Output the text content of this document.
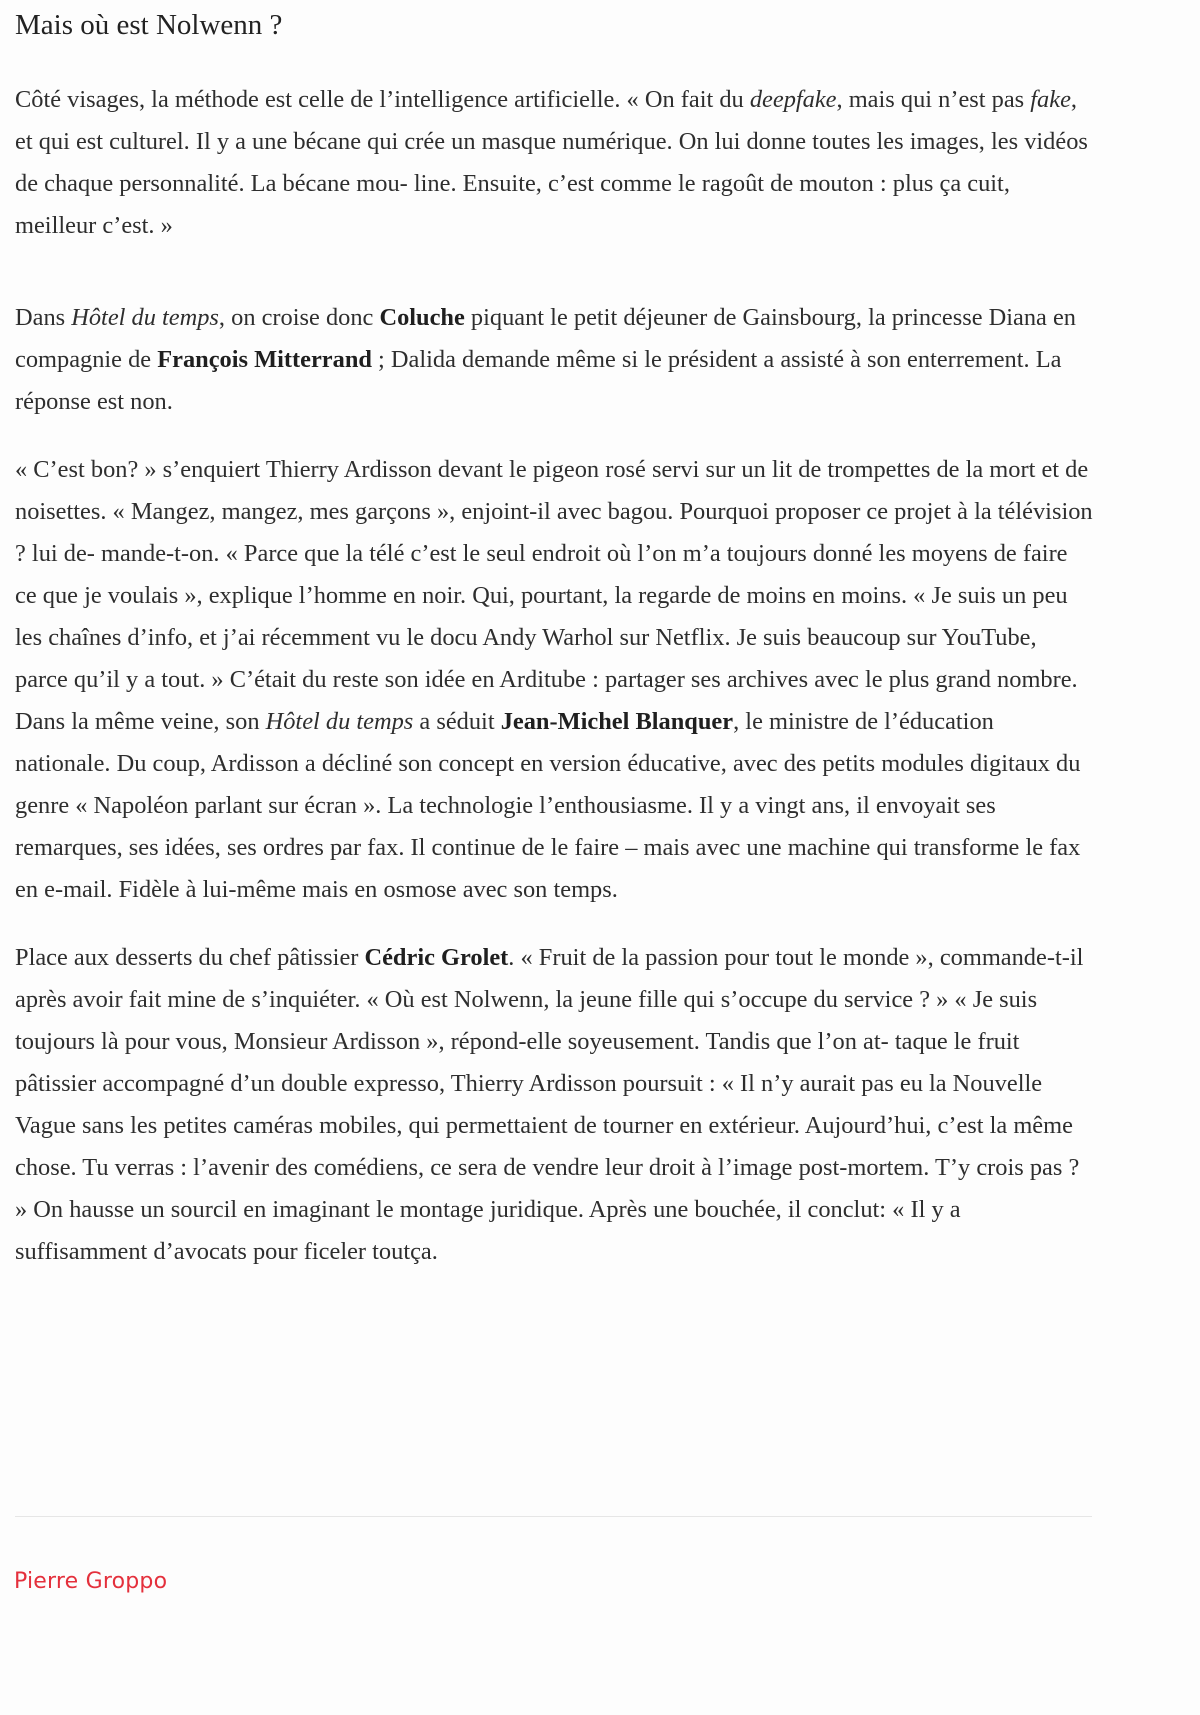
Mais où est Nolwenn ?

Côté visages, la méthode est celle de l’intelligence artificielle. « On fait du deepfake, mais qui n’est pas fake, et qui est culturel. Il y a une bécane qui crée un masque numérique. On lui donne toutes les images, les vidéos de chaque personnalité. La bécane mou- line. Ensuite, c’est comme le ragoût de mouton : plus ça cuit, meilleur c’est. »

Dans Hôtel du temps, on croise donc Coluche piquant le petit déjeuner de Gainsbourg, la princesse Diana en compagnie de François Mitterrand ; Dalida demande même si le président a assisté à son enterrement. La réponse est non.

« C’est bon? » s’enquiert Thierry Ardisson devant le pigeon rosé servi sur un lit de trompettes de la mort et de noisettes. « Mangez, mangez, mes garçons », enjoint-il avec bagou. Pourquoi proposer ce projet à la télévision ? lui de- mande-t-on. « Parce que la télé c’est le seul endroit où l’on m’a toujours donné les moyens de faire ce que je voulais », explique l’homme en noir. Qui, pourtant, la regarde de moins en moins. « Je suis un peu les chaînes d’info, et j’ai récemment vu le docu Andy Warhol sur Netflix. Je suis beaucoup sur YouTube, parce qu’il y a tout. » C’était du reste son idée en Arditube : partager ses archives avec le plus grand nombre. Dans la même veine, son Hôtel du temps a séduit Jean-Michel Blanquer, le ministre de l’éducation nationale. Du coup, Ardisson a décliné son concept en version éducative, avec des petits modules digitaux du genre « Napoléon parlant sur écran ». La technologie l’enthousiasme. Il y a vingt ans, il envoyait ses remarques, ses idées, ses ordres par fax. Il continue de le faire – mais avec une machine qui transforme le fax en e-mail. Fidèle à lui-même mais en osmose avec son temps.

Place aux desserts du chef pâtissier Cédric Grolet. « Fruit de la passion pour tout le monde », commande-t-il après avoir fait mine de s’inquiéter. « Où est Nolwenn, la jeune fille qui s’occupe du service ? » « Je suis toujours là pour vous, Monsieur Ardisson », répond-elle soyeusement. Tandis que l’on at- taque le fruit pâtissier accompagné d’un double expresso, Thierry Ardisson poursuit : « Il n’y aurait pas eu la Nouvelle Vague sans les petites caméras mobiles, qui permettaient de tourner en extérieur. Aujourd’hui, c’est la même chose. Tu verras : l’avenir des comédiens, ce sera de vendre leur droit à l’image post-mortem. T’y crois pas ? » On hausse un sourcil en imaginant le montage juridique. Après une bouchée, il conclut: « Il y a suffisamment d’avocats pour ficeler toutça.

Pierre Groppo
